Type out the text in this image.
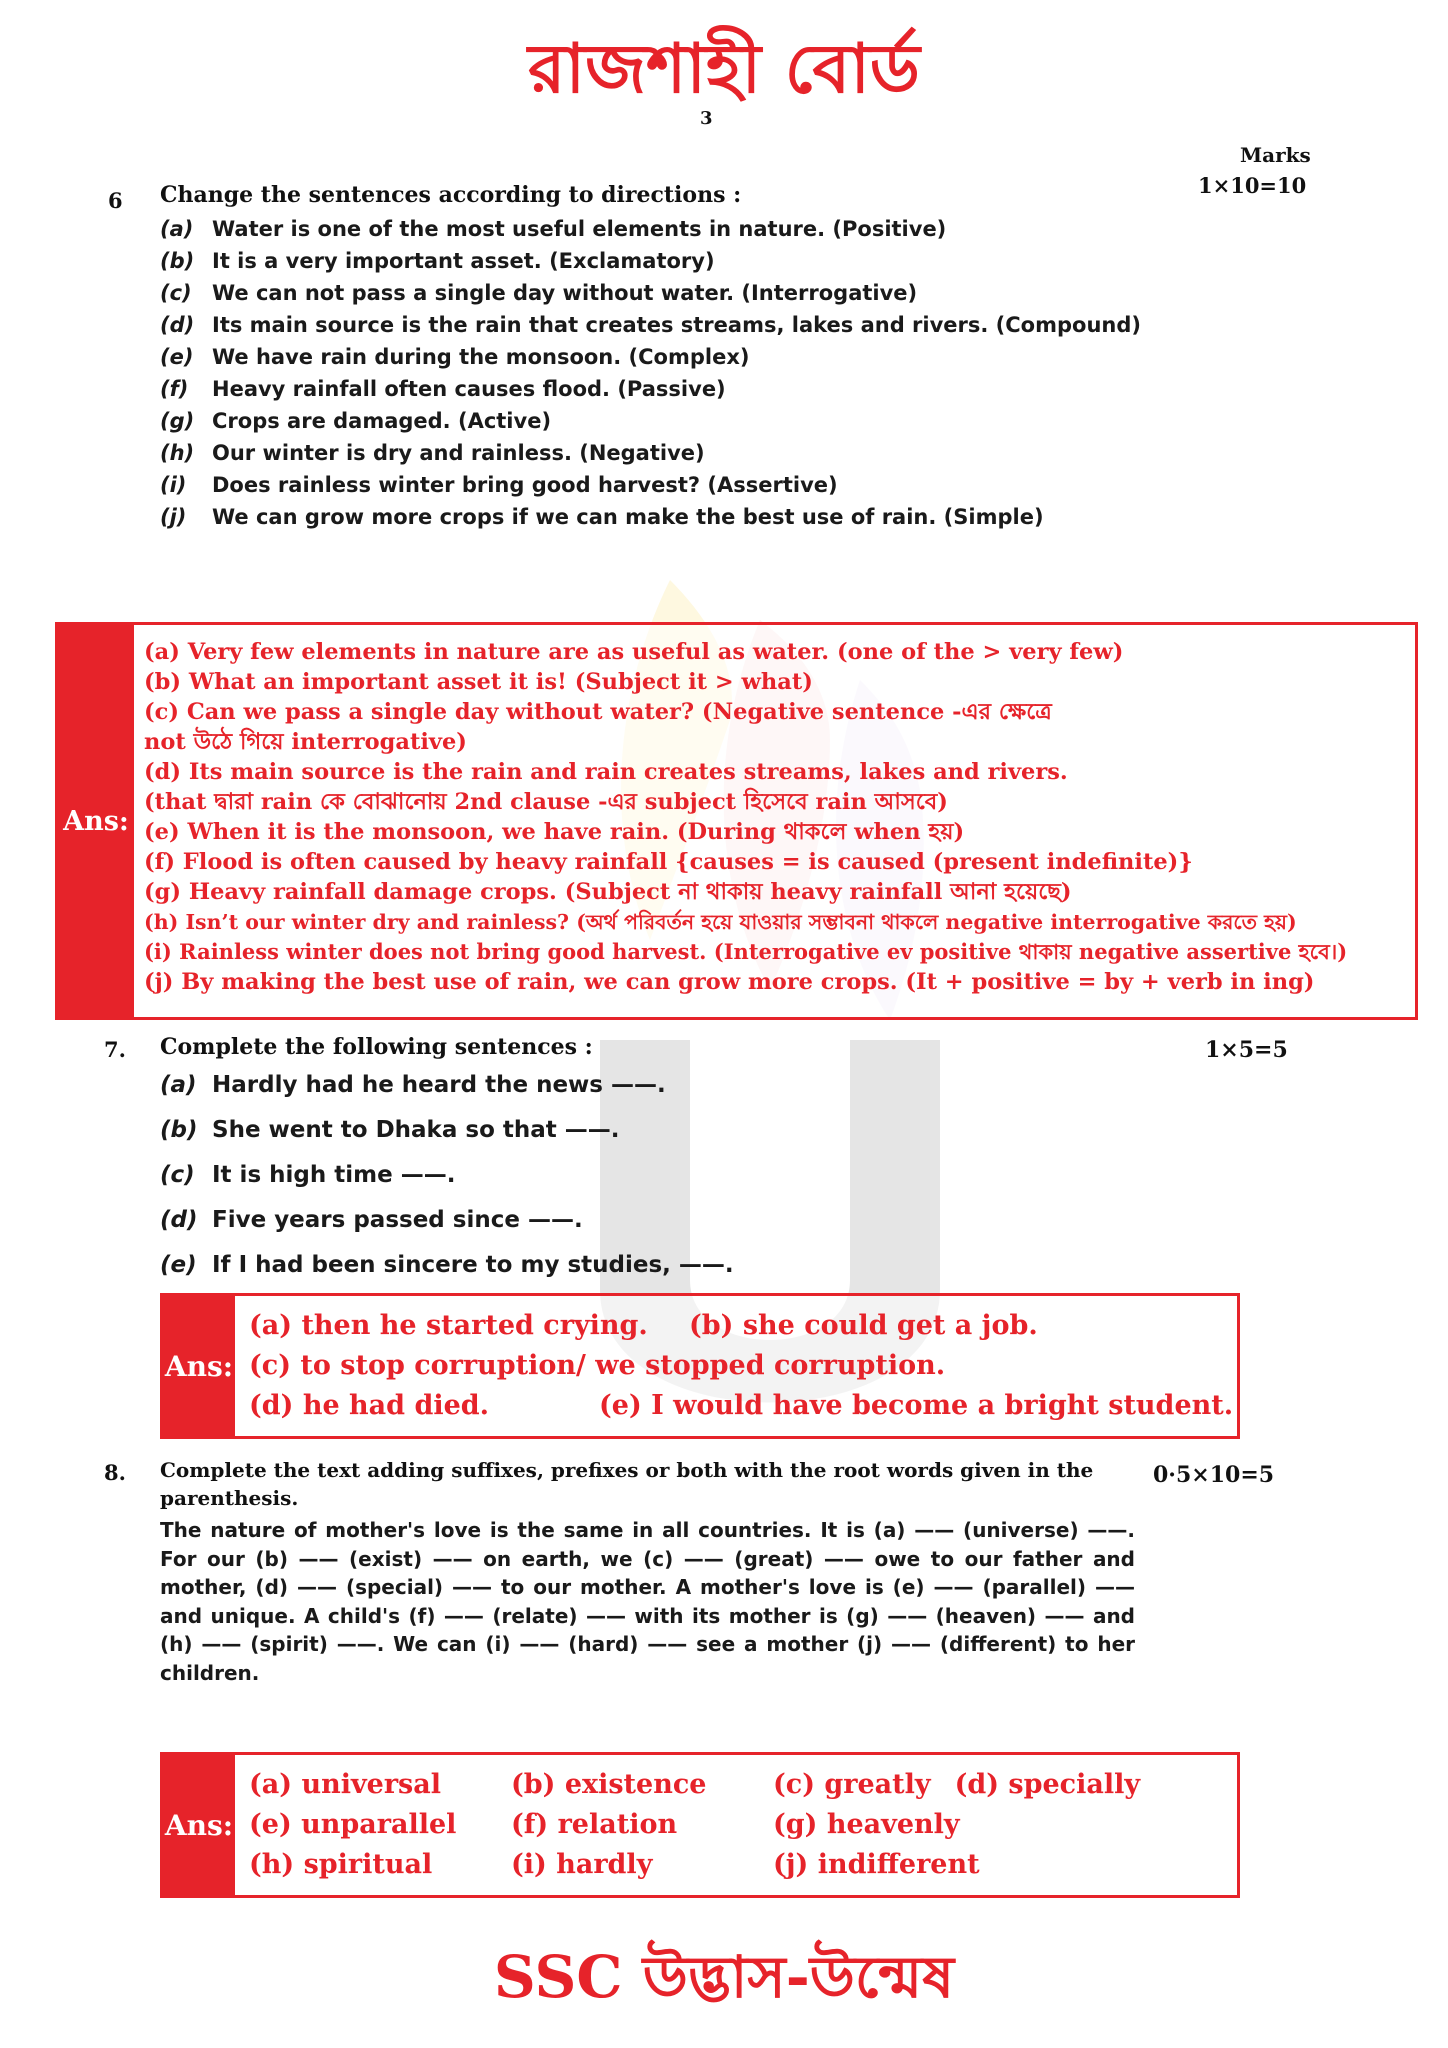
রাজশাহী বোর্ড
3
Marks
6 Change the sentences according to directions :	1×10=10
(a) Water is one of the most useful elements in nature. (Positive)
(b) It is a very important asset. (Exclamatory)
(c) We can not pass a single day without water. (Interrogative)
(d) Its main source is the rain that creates streams, lakes and rivers. (Compound)
(e) We have rain during the monsoon. (Complex)
(f)	Heavy rainfall often causes flood. (Passive)
(g) Crops are damaged. (Active)
(h) Our winter is dry and rainless. (Negative)
(i)	Does rainless winter bring good harvest? (Assertive)
(j)	We can grow more crops if we can make the best use of rain. (Simple)
Ans:
(a) Very few elements in nature are as useful as water. (one of the > very few)
(b) What an important asset it is! (Subject it > what)
(c) Can we pass a single day without water? (Negative sentence -এর ক্ষেত্রে
not উঠে গিয়ে interrogative)
(d) Its main source is the rain and rain creates streams, lakes and rivers.
(that দ্বারা rain কে বোঝানোয় 2nd clause -এর subject হিসেবে rain আসবে)
(e) When it is the monsoon, we have rain. (During থাকলে when হয়)
(f) Flood is often caused by heavy rainfall {causes = is caused (present indefinite)}
(g) Heavy rainfall damage crops. (Subject না থাকায় heavy rainfall আনা হয়েছে)
(h) Isn’t our winter dry and rainless? (অর্থ পরিবর্তন হয়ে যাওয়ার সম্ভাবনা থাকলে negative interrogative করতে হয়)
(i) Rainless winter does not bring good harvest. (Interrogative ev positive থাকায় negative assertive হবে।)
(j) By making the best use of rain, we can grow more crops. (It + positive = by + verb in ing)
7. Complete the following sentences :	1×5=5
(a) Hardly had he heard the news ——.
(b) She went to Dhaka so that ——.
(c) It is high time ——.
(d) Five years passed since ——.
(e) If I had been sincere to my studies, ——.
Ans:
(a) then he started crying.	(b) she could get a job.
(c) to stop corruption/ we stopped corruption.
(d) he had died.	(e) I would have become a bright student.
8. Complete the text adding suffixes, prefixes or both with the root words given in the parenthesis.
0·5×10=5
The nature of mother's love is the same in all countries. It is (a) —— (universe) ——. For our (b) —— (exist) —— on earth, we (c) —— (great) —— owe to our father and mother, (d) —— (special) —— to our mother. A mother's love is (e) —— (parallel) —— and unique. A child's (f) —— (relate) —— with its mother is (g) —— (heaven) —— and (h) —— (spirit) ——. We can (i) —— (hard) —— see a mother (j) —— (different) to her children.
Ans:
(a) universal	(b) existence	(c) greatly (d) specially
(e) unparallel	(f) relation	(g) heavenly
(h) spiritual	(i) hardly	(j) indifferent
SSC উদ্ভাস-উন্মেষ
